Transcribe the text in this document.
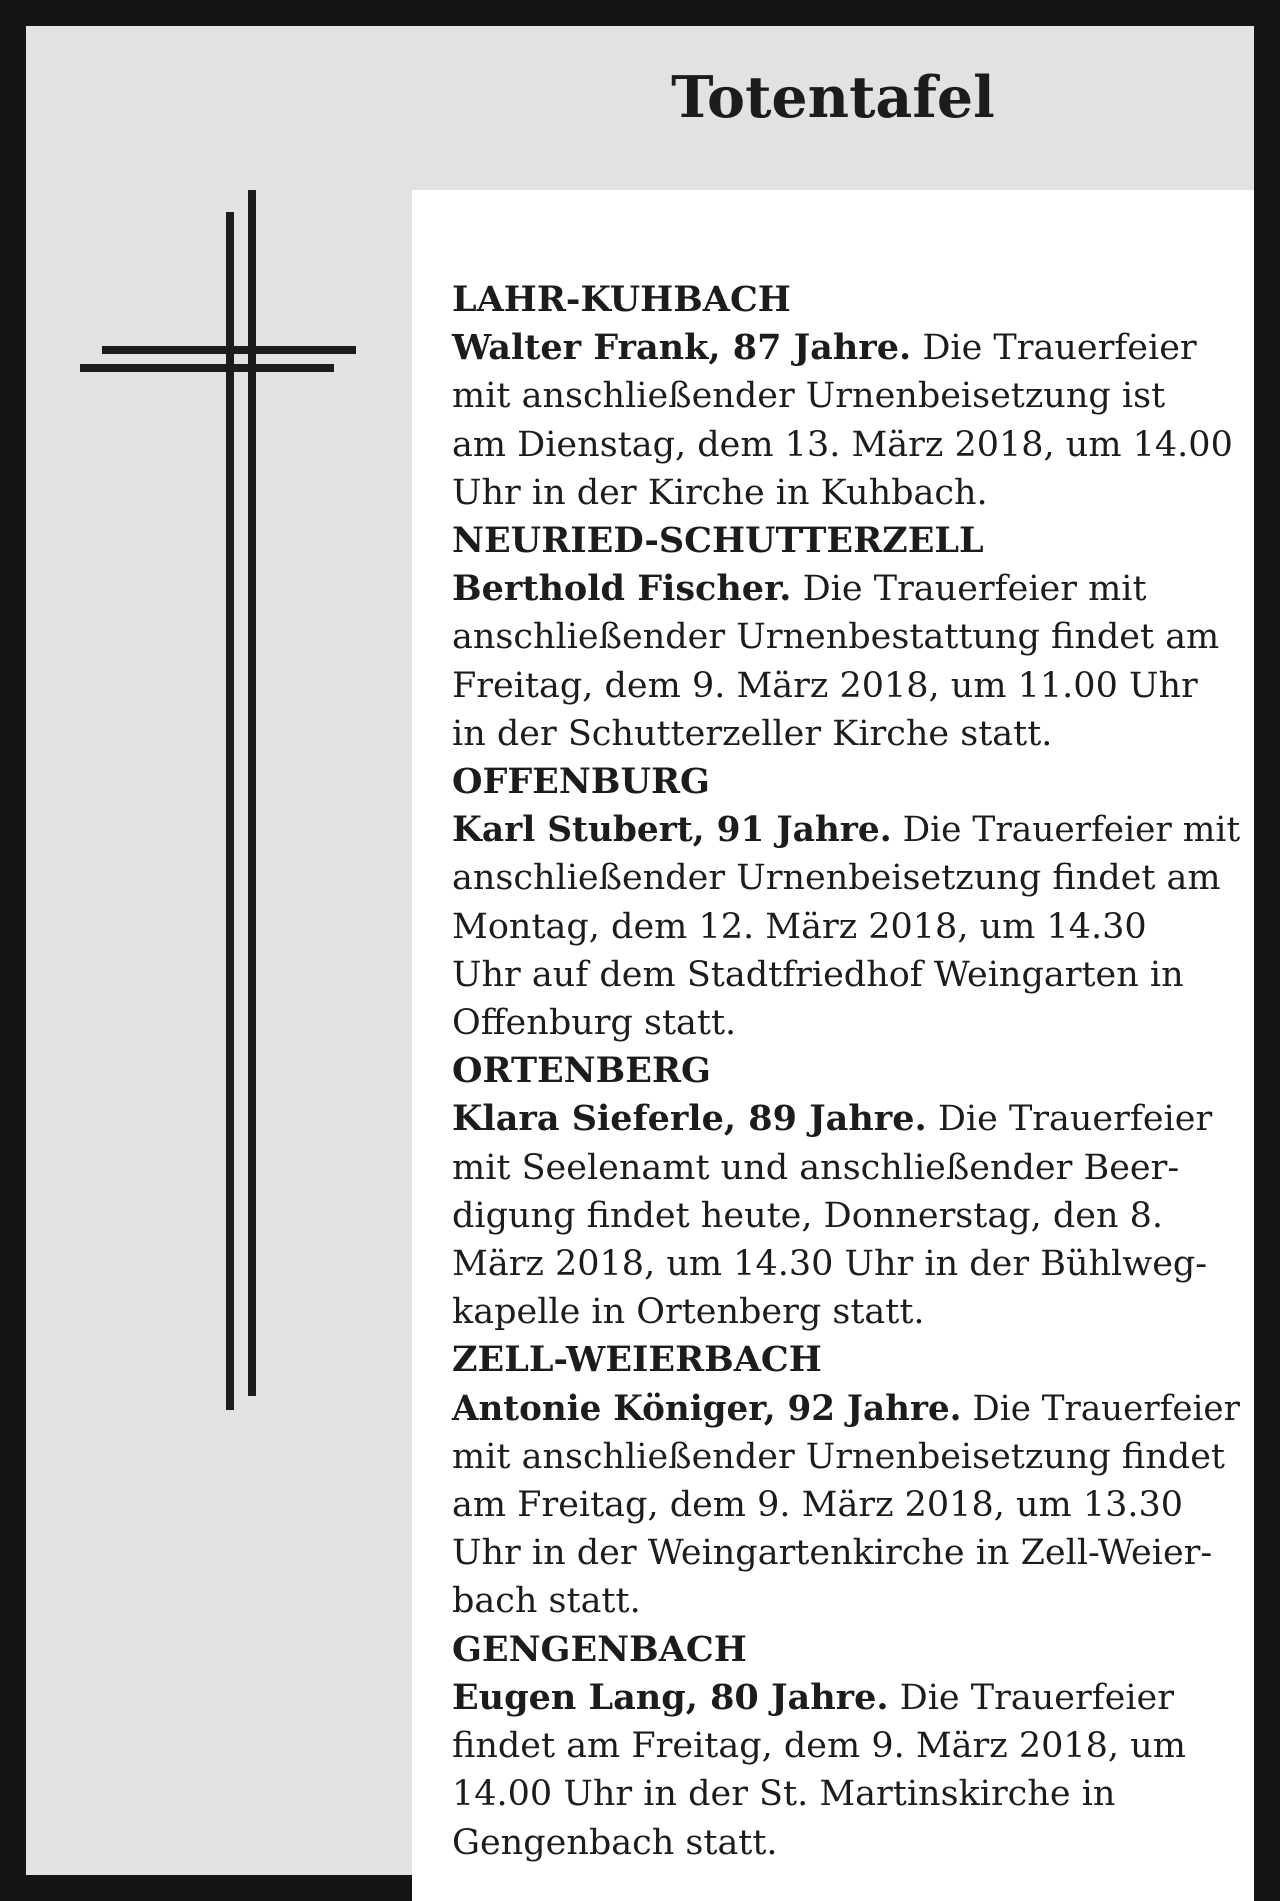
Totentafel
LAHR-KUHBACH
Walter Frank, 87 Jahre. Die Trauerfeier
mit anschließender Urnenbeisetzung ist
am Dienstag, dem 13. März 2018, um 14.00
Uhr in der Kirche in Kuhbach.
NEURIED-SCHUTTERZELL
Berthold Fischer. Die Trauerfeier mit
anschließender Urnenbestattung findet am
Freitag, dem 9. März 2018, um 11.00 Uhr
in der Schutterzeller Kirche statt.
OFFENBURG
Karl Stubert, 91 Jahre. Die Trauerfeier mit
anschließender Urnenbeisetzung findet am
Montag, dem 12. März 2018, um 14.30
Uhr auf dem Stadtfriedhof Weingarten in
Offenburg statt.
ORTENBERG
Klara Sieferle, 89 Jahre. Die Trauerfeier
mit Seelenamt und anschließender Beer-
digung findet heute, Donnerstag, den 8.
März 2018, um 14.30 Uhr in der Bühlweg-
kapelle in Ortenberg statt.
ZELL-WEIERBACH
Antonie Königer, 92 Jahre. Die Trauerfeier
mit anschließender Urnenbeisetzung findet
am Freitag, dem 9. März 2018, um 13.30
Uhr in der Weingartenkirche in Zell-Weier-
bach statt.
GENGENBACH
Eugen Lang, 80 Jahre. Die Trauerfeier
findet am Freitag, dem 9. März 2018, um
14.00 Uhr in der St. Martinskirche in
Gengenbach statt.
